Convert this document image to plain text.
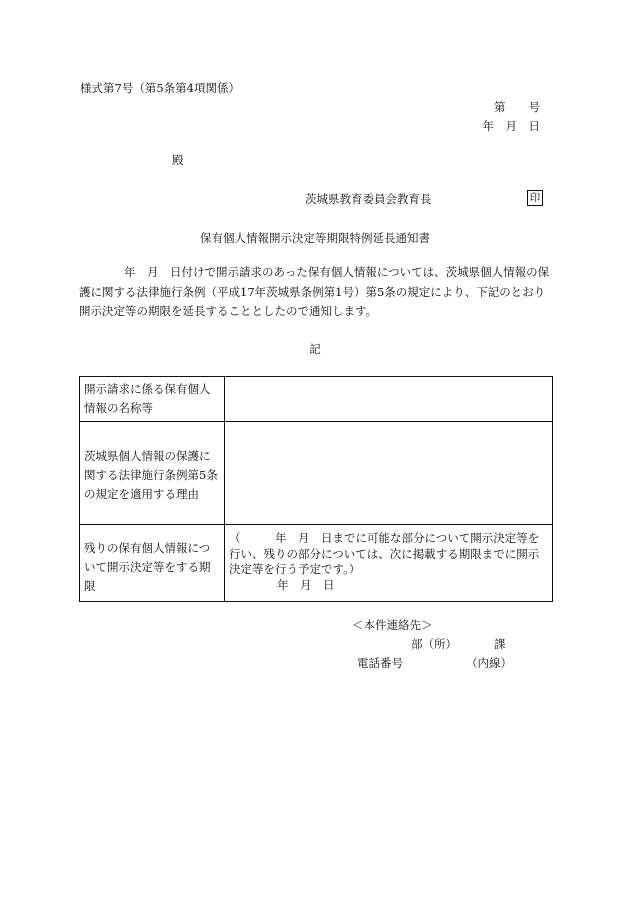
様式第7号（第5条第4項関係）
第　　号
年　月　日
殿
茨城県教育委員会教育長	印
保有個人情報開示決定等期限特例延長通知書
年　月　日付けで開示請求のあった保有個人情報については、茨城県個人情報の保護に関する法律施行条例（平成17年茨城県条例第1号）第5条の規定により、下記のとおり開示決定等の期限を延長することとしたので通知します。
記
開示請求に係る保有個人情報の名称等	
茨城県個人情報の保護に関する法律施行条例第5条の規定を適用する理由	
残りの保有個人情報について開示決定等をする期限	（　　　年　月　日までに可能な部分について開示決定等を行い、残りの部分については、次に掲載する期限までに開示決定等を行う予定です。）
年　月　日
＜本件連絡先＞
部（所）	課
電話番号	（内線）
